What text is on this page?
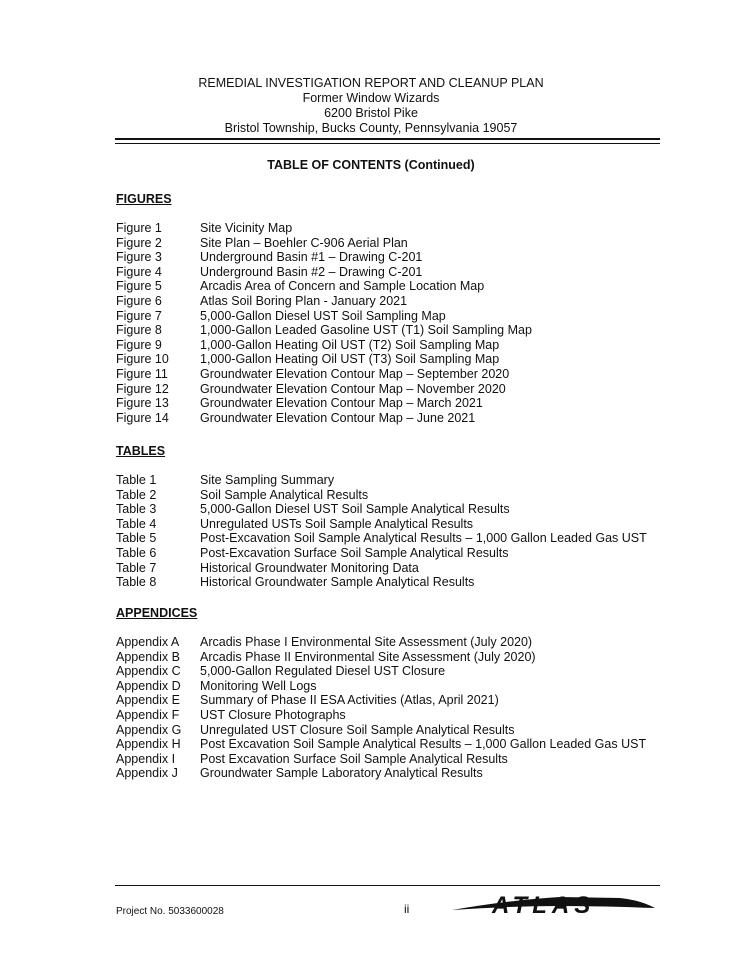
REMEDIAL INVESTIGATION REPORT AND CLEANUP PLAN
Former Window Wizards
6200 Bristol Pike
Bristol Township, Bucks County, Pennsylvania 19057
TABLE OF CONTENTS (Continued)
FIGURES
Figure 1	Site Vicinity Map
Figure 2	Site Plan – Boehler C-906 Aerial Plan
Figure 3	Underground Basin #1 – Drawing C-201
Figure 4	Underground Basin #2 – Drawing C-201
Figure 5	Arcadis Area of Concern and Sample Location Map
Figure 6	Atlas Soil Boring Plan - January 2021
Figure 7	5,000-Gallon Diesel UST Soil Sampling Map
Figure 8	1,000-Gallon Leaded Gasoline UST (T1) Soil Sampling Map
Figure 9	1,000-Gallon Heating Oil UST (T2) Soil Sampling Map
Figure 10	1,000-Gallon Heating Oil UST (T3) Soil Sampling Map
Figure 11	Groundwater Elevation Contour Map – September 2020
Figure 12	Groundwater Elevation Contour Map – November 2020
Figure 13	Groundwater Elevation Contour Map – March 2021
Figure 14	Groundwater Elevation Contour Map – June 2021
TABLES
Table 1	Site Sampling Summary
Table 2	Soil Sample Analytical Results
Table 3	5,000-Gallon Diesel UST Soil Sample Analytical Results
Table 4	Unregulated USTs Soil Sample Analytical Results
Table 5	Post-Excavation Soil Sample Analytical Results – 1,000 Gallon Leaded Gas UST
Table 6	Post-Excavation Surface Soil Sample Analytical Results
Table 7	Historical Groundwater Monitoring Data
Table 8	Historical Groundwater Sample Analytical Results
APPENDICES
Appendix A	Arcadis Phase I Environmental Site Assessment (July 2020)
Appendix B	Arcadis Phase II Environmental Site Assessment (July 2020)
Appendix C	5,000-Gallon Regulated Diesel UST Closure
Appendix D	Monitoring Well Logs
Appendix E	Summary of Phase II ESA Activities (Atlas, April 2021)
Appendix F	UST Closure Photographs
Appendix G	Unregulated UST Closure Soil Sample Analytical Results
Appendix H	Post Excavation Soil Sample Analytical Results – 1,000 Gallon Leaded Gas UST
Appendix I	Post Excavation Surface Soil Sample Analytical Results
Appendix J	Groundwater Sample Laboratory Analytical Results
Project No. 5033600028	ii	ATLAS
